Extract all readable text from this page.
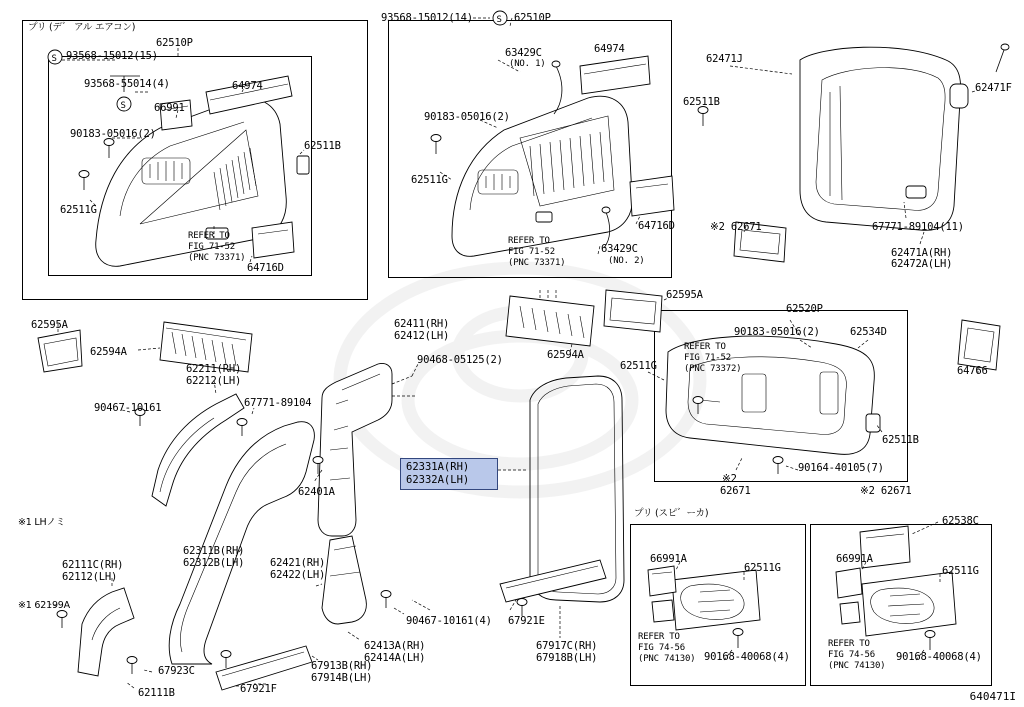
S
S
S
62331A(RH)
62332A(LH)
プリ (デ゛ アル エアコン)
プリ (スピ゛ーカ)
93568-15012(14)	62510P
62510P
93568-15012(15)	63429C
(NO. 1)
64974
62471J
62471F
93568-55014(4)	64974
66991
90183-05016(2)
90183-05016(2)
62511B
62511B
62511G
62511G
64716D	※2 62671	67771-89104(11)
REFER TO
FIG 71-52
(PNC 73371)
63429C
(NO. 2)
REFER TO
FIG 71-52
(PNC 73371)
64716D
62471A(RH)
62472A(LH)
62595A
62594A
62595A
62520P
62411(RH)
62412(LH)	90183-05016(2)	62534D
90468-05125(2)	62594A
62211(RH)
62212(LH)
62511G
REFER TO
FIG 71-52
(PNC 73372)	64766
90467-10161	67771-89104
62511B
62401A
※2
62671
90164-40105(7)
※2 62671
※1 LHノミ
62311B(RH)
62312B(LH) 62421(RH)
62422(LH)
62538C
62111C(RH)
62112(LH)
66991A
62511G
66991A
62511G
※1 62199A
90467-10161(4) 67921E
REFER TO
FIG 74-56
(PNC 74130) 90168-40068(4)
REFER TO
FIG 74-56
(PNC 74130)
90168-40068(4)
62413A(RH)
62414A(LH)
67917C(RH)
67918B(LH)
67923C	67913B(RH)
67914B(LH)
67921F
62111B	640471I
